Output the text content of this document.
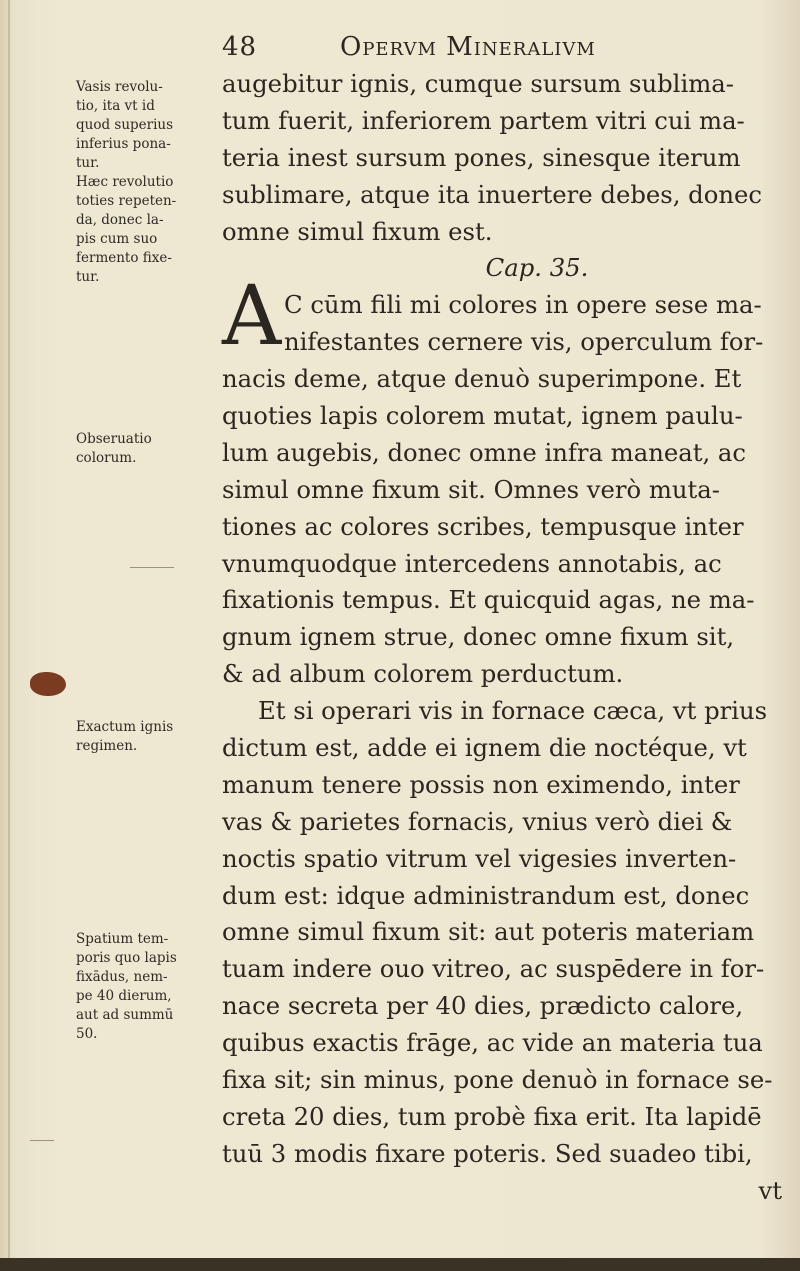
48	Opervm Mineralivm
Vasis revolu-
tio, ita vt id
quod superius
inferius pona-
tur.
Hæc revolutio
toties repeten-
da, donec la-
pis cum suo
fermento fixe-
tur.
Obseruatio
colorum.
Exactum ignis
regimen.
Spatium tem-
poris quo lapis
fixādus, nem-
pe 40 dierum,
aut ad summū
50.
A
augebitur ignis, cumque sursum sublima-
tum fuerit, inferiorem partem vitri cui ma-
teria inest sursum pones, sinesque iterum
sublimare, atque ita inuertere debes, donec
omne simul fixum est.
Cap. 35.
C cūm fili mi colores in opere sese ma-
nifestantes cernere vis, operculum for-
nacis deme, atque denuò superimpone. Et
quoties lapis colorem mutat, ignem paulu-
lum augebis, donec omne infra maneat, ac
simul omne fixum sit. Omnes verò muta-
tiones ac colores scribes, tempusque inter
vnumquodque intercedens annotabis, ac
fixationis tempus. Et quicquid agas, ne ma-
gnum ignem strue, donec omne fixum sit,
& ad album colorem perductum.
Et si operari vis in fornace cæca, vt prius
dictum est, adde ei ignem die noctéque, vt
manum tenere possis non eximendo, inter
vas & parietes fornacis, vnius verò diei &
noctis spatio vitrum vel vigesies inverten-
dum est: idque administrandum est, donec
omne simul fixum sit: aut poteris materiam
tuam indere ouo vitreo, ac suspēdere in for-
nace secreta per 40 dies, prædicto calore,
quibus exactis frāge, ac vide an materia tua
fixa sit; sin minus, pone denuò in fornace se-
creta 20 dies, tum probè fixa erit. Ita lapidē
tuū 3 modis fixare poteris. Sed suadeo tibi,
vt
